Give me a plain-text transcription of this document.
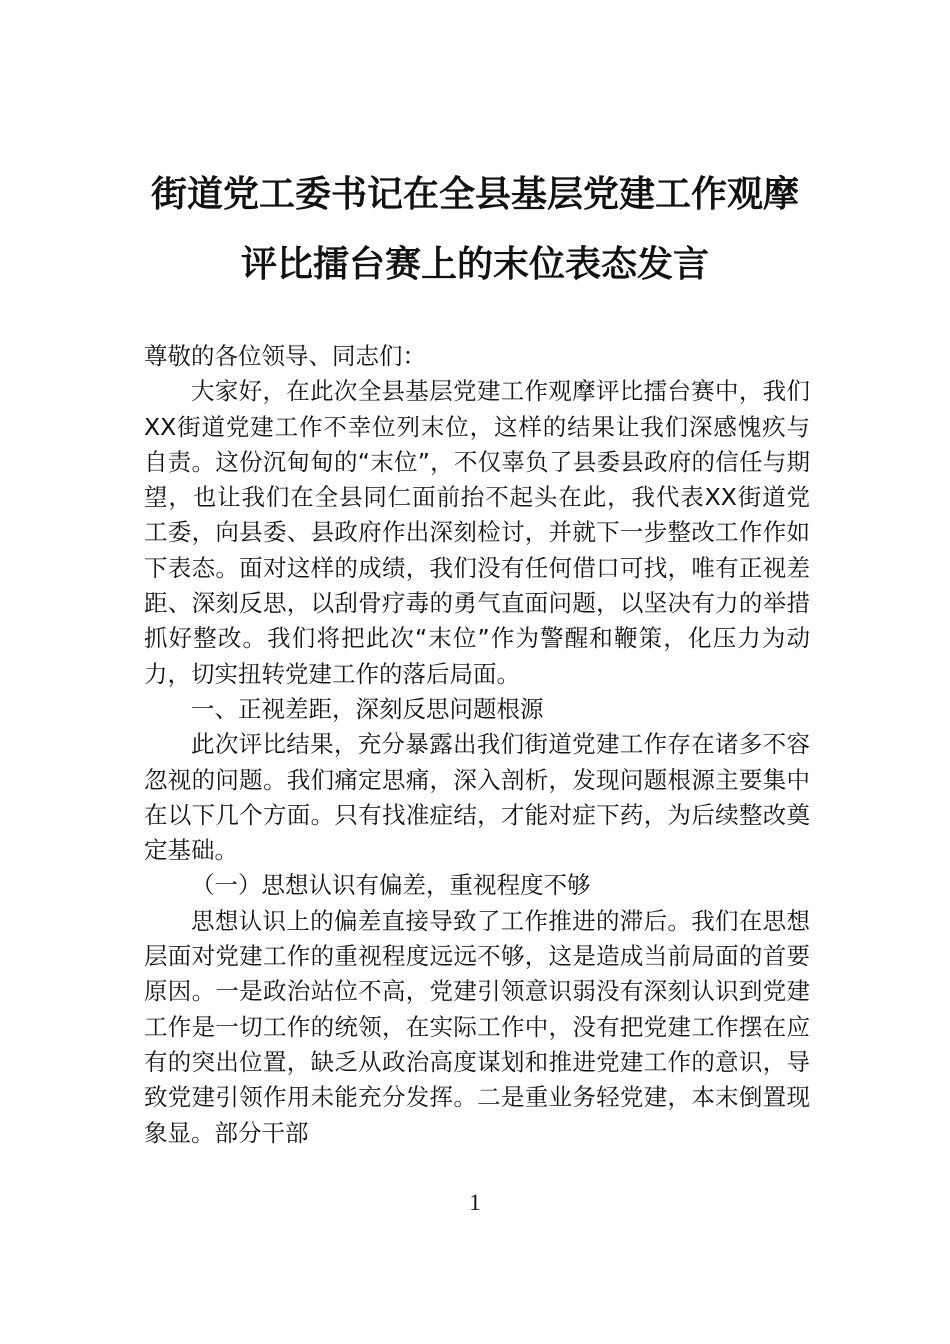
街道党工委书记在全县基层党建工作观摩
评比擂台赛上的末位表态发言

尊敬的各位领导、同志们：

大家好，在此次全县基层党建工作观摩评比擂台赛中，我们XX街道党建工作不幸位列末位，这样的结果让我们深感愧疚与自责。这份沉甸甸的“末位”，不仅辜负了县委县政府的信任与期望，也让我们在全县同仁面前抬不起头在此，我代表XX街道党工委，向县委、县政府作出深刻检讨，并就下一步整改工作作如下表态。面对这样的成绩，我们没有任何借口可找，唯有正视差距、深刻反思，以刮骨疗毒的勇气直面问题，以坚决有力的举措抓好整改。我们将把此次“末位”作为警醒和鞭策，化压力为动力，切实扭转党建工作的落后局面。

一、正视差距，深刻反思问题根源

此次评比结果，充分暴露出我们街道党建工作存在诸多不容忽视的问题。我们痛定思痛，深入剖析，发现问题根源主要集中在以下几个方面。只有找准症结，才能对症下药，为后续整改奠定基础。

（一）思想认识有偏差，重视程度不够

思想认识上的偏差直接导致了工作推进的滞后。我们在思想层面对党建工作的重视程度远远不够，这是造成当前局面的首要原因。一是政治站位不高，党建引领意识弱没有深刻认识到党建工作是一切工作的统领，在实际工作中，没有把党建工作摆在应有的突出位置，缺乏从政治高度谋划和推进党建工作的意识，导致党建引领作用未能充分发挥。二是重业务轻党建，本末倒置现象显。部分干部

1
